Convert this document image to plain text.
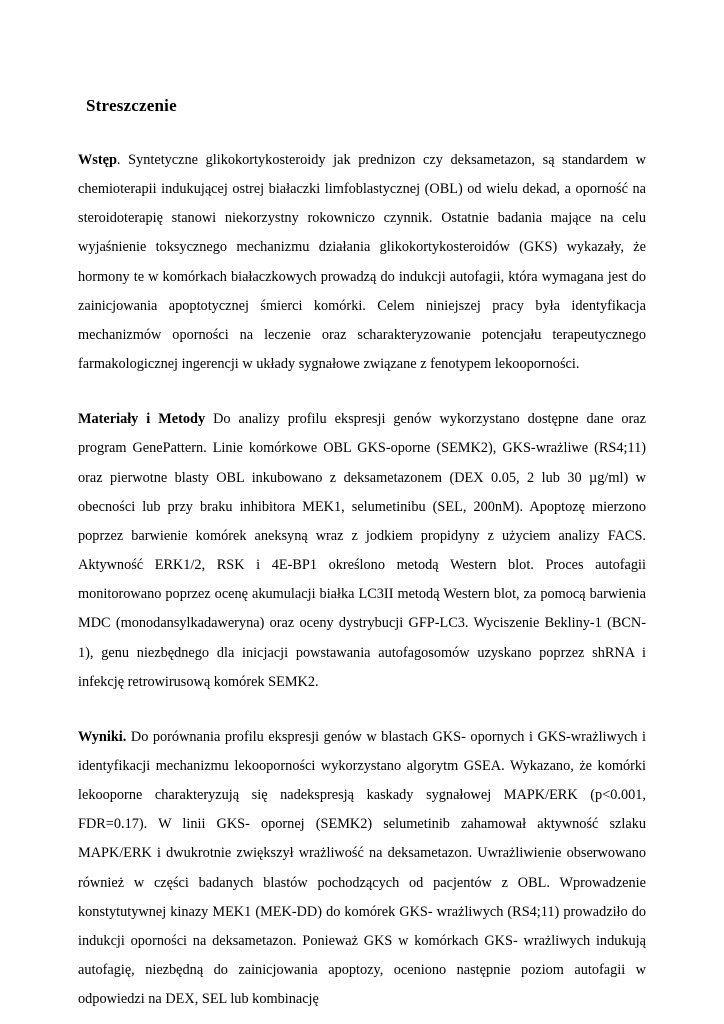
Streszczenie

Wstęp. Syntetyczne glikokortykosteroidy jak prednizon czy deksametazon, są standardem w chemioterapii indukującej ostrej białaczki limfoblastycznej (OBL) od wielu dekad, a oporność na steroidoterapię stanowi niekorzystny rokowniczo czynnik. Ostatnie badania mające na celu wyjaśnienie toksycznego mechanizmu działania glikokortykosteroidów (GKS) wykazały, że hormony te w komórkach białaczkowych prowadzą do indukcji autofagii, która wymagana jest do zainicjowania apoptotycznej śmierci komórki. Celem niniejszej pracy była identyfikacja mechanizmów oporności na leczenie oraz scharakteryzowanie potencjału terapeutycznego farmakologicznej ingerencji w układy sygnałowe związane z fenotypem lekooporności.

Materiały i Metody Do analizy profilu ekspresji genów wykorzystano dostępne dane oraz program GenePattern. Linie komórkowe OBL GKS-oporne (SEMK2), GKS-wrażliwe (RS4;11) oraz pierwotne blasty OBL inkubowano z deksametazonem (DEX 0.05, 2 lub 30 µg/ml) w obecności lub przy braku inhibitora MEK1, selumetinibu (SEL, 200nM). Apoptozę mierzono poprzez barwienie komórek aneksyną wraz z jodkiem propidyny z użyciem analizy FACS. Aktywność ERK1/2, RSK i 4E-BP1 określono metodą Western blot. Proces autofagii monitorowano poprzez ocenę akumulacji białka LC3II metodą Western blot, za pomocą barwienia MDC (monodansylkadaweryna) oraz oceny dystrybucji GFP-LC3. Wyciszenie Bekliny-1 (BCN-1), genu niezbędnego dla inicjacji powstawania autofagosomów uzyskano poprzez shRNA i infekcję retrowirusową komórek SEMK2.

Wyniki. Do porównania profilu ekspresji genów w blastach GKS- opornych i GKS-wrażliwych i identyfikacji mechanizmu lekooporności wykorzystano algorytm GSEA. Wykazano, że komórki lekooporne charakteryzują się nadekspresją kaskady sygnałowej MAPK/ERK (p<0.001, FDR=0.17). W linii GKS- opornej (SEMK2) selumetinib zahamował aktywność szlaku MAPK/ERK i dwukrotnie zwiększył wrażliwość na deksametazon. Uwrażliwienie obserwowano również w części badanych blastów pochodzących od pacjentów z OBL. Wprowadzenie konstytutywnej kinazy MEK1 (MEK-DD) do komórek GKS- wrażliwych (RS4;11) prowadziło do indukcji oporności na deksametazon. Ponieważ GKS w komórkach GKS- wrażliwych indukują autofagię, niezbędną do zainicjowania apoptozy, oceniono następnie poziom autofagii w odpowiedzi na DEX, SEL lub kombinację
